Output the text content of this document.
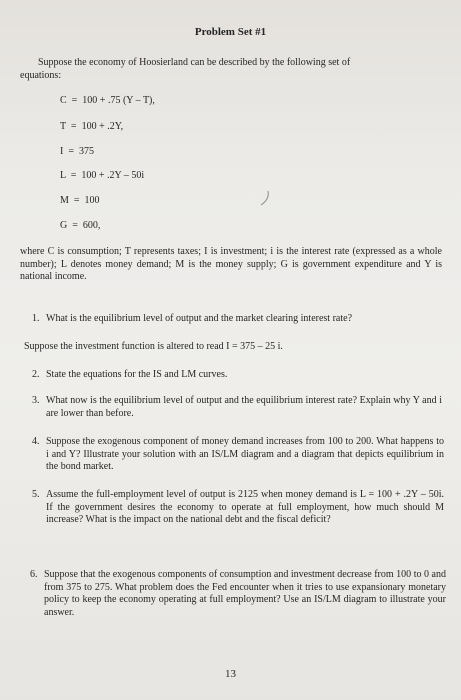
Problem Set #1
Suppose the economy of Hoosierland can be described by the following set of
equations:
C  =  100 + .75 (Y – T),
T  =  100 + .2Y,
I  =  375
L  =  100 + .2Y – 50i
M  =  100
G  =  600,
where C is consumption; T represents taxes; I is investment; i is the interest rate (expressed as a whole number); L denotes money demand; M is the money supply; G is government expenditure and Y is national income.
1. What is the equilibrium level of output and the market clearing interest rate?
Suppose the investment function is altered to read I = 375 – 25 i.
2. State the equations for the IS and LM curves.
3. What now is the equilibrium level of output and the equilibrium interest rate? Explain why Y and i are lower than before.
4. Suppose the exogenous component of money demand increases from 100 to 200. What happens to i and Y? Illustrate your solution with an IS/LM diagram and a diagram that depicts equilibrium in the bond market.
5. Assume the full-employment level of output is 2125 when money demand is L = 100 + .2Y – 50i. If the government desires the economy to operate at full employment, how much should M increase? What is the impact on the national debt and the fiscal deficit?
6. Suppose that the exogenous components of consumption and investment decrease from 100 to 0 and from 375 to 275. What problem does the Fed encounter when it tries to use expansionary monetary policy to keep the economy operating at full employment? Use an IS/LM diagram to illustrate your answer.
13
